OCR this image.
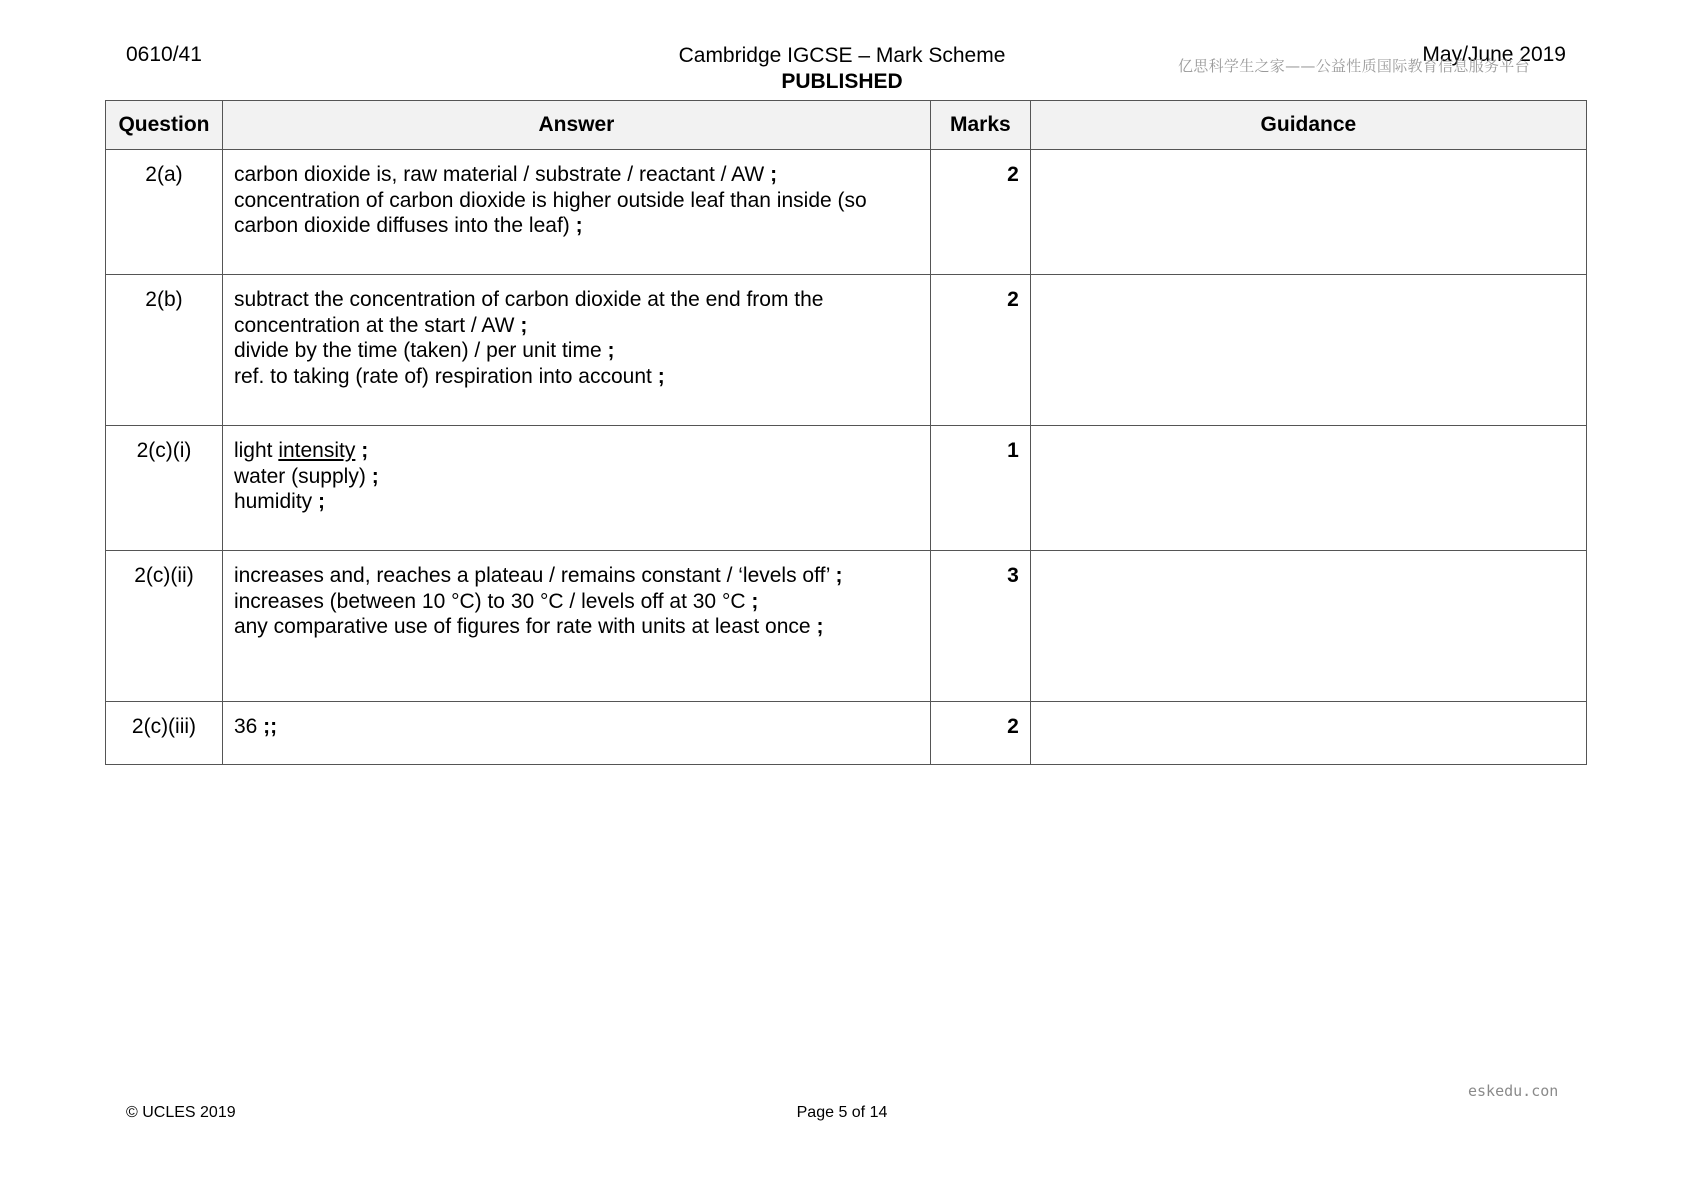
0610/41	Cambridge IGCSE – Mark Scheme
PUBLISHED
May/June 2019
亿思科学生之家——公益性质国际教育信息服务平台
Question	Answer	Marks	Guidance
2(a)	carbon dioxide is, raw material / substrate / reactant / AW ;
concentration of carbon dioxide is higher outside leaf than inside (so
carbon dioxide diffuses into the leaf) ;	2	
2(b)	subtract the concentration of carbon dioxide at the end from the
concentration at the start / AW ;
divide by the time (taken) / per unit time ;
ref. to taking (rate of) respiration into account ;	2	
2(c)(i)	light intensity ;
water (supply) ;
humidity ;	1	
2(c)(ii)	increases and, reaches a plateau / remains constant / ‘levels off’ ;
increases (between 10 °C) to 30 °C / levels off at 30 °C ;
any comparative use of figures for rate with units at least once ;	3	
2(c)(iii)	36 ;;	2	
eskedu.con
© UCLES 2019	Page 5 of 14
